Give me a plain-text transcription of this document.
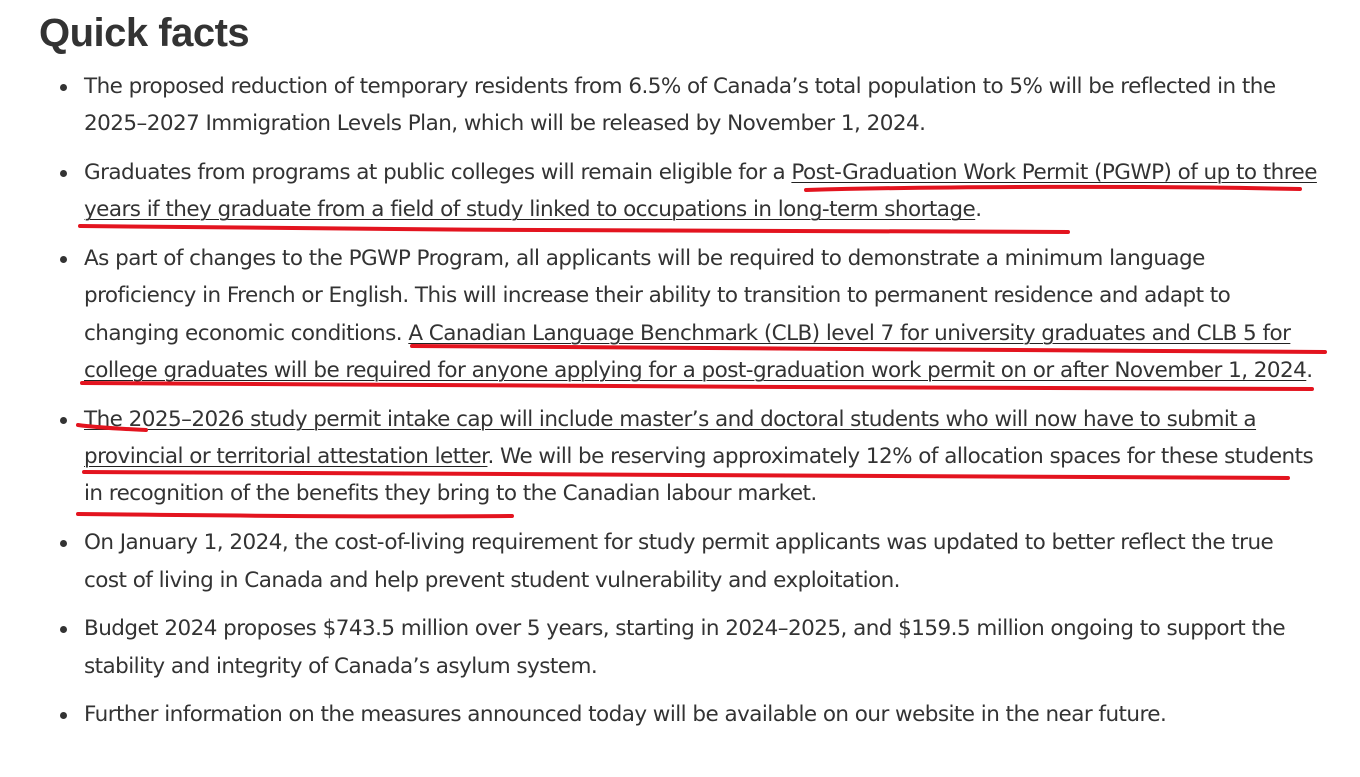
Quick facts
The proposed reduction of temporary residents from 6.5% of Canada’s total population to 5% will be reflected in the 2025–2027 Immigration Levels Plan, which will be released by November 1, 2024.
Graduates from programs at public colleges will remain eligible for a Post-Graduation Work Permit (PGWP) of up to three years if they graduate from a field of study linked to occupations in long-term shortage.
As part of changes to the PGWP Program, all applicants will be required to demonstrate a minimum language proficiency in French or English. This will increase their ability to transition to permanent residence and adapt to changing economic conditions. A Canadian Language Benchmark (CLB) level 7 for university graduates and CLB 5 for college graduates will be required for anyone applying for a post-graduation work permit on or after November 1, 2024.
The 2025–2026 study permit intake cap will include master’s and doctoral students who will now have to submit a provincial or territorial attestation letter. We will be reserving approximately 12% of allocation spaces for these students in recognition of the benefits they bring to the Canadian labour market.
On January 1, 2024, the cost-of-living requirement for study permit applicants was updated to better reflect the true cost of living in Canada and help prevent student vulnerability and exploitation.
Budget 2024 proposes $743.5 million over 5 years, starting in 2024–2025, and $159.5 million ongoing to support the stability and integrity of Canada’s asylum system.
Further information on the measures announced today will be available on our website in the near future.
